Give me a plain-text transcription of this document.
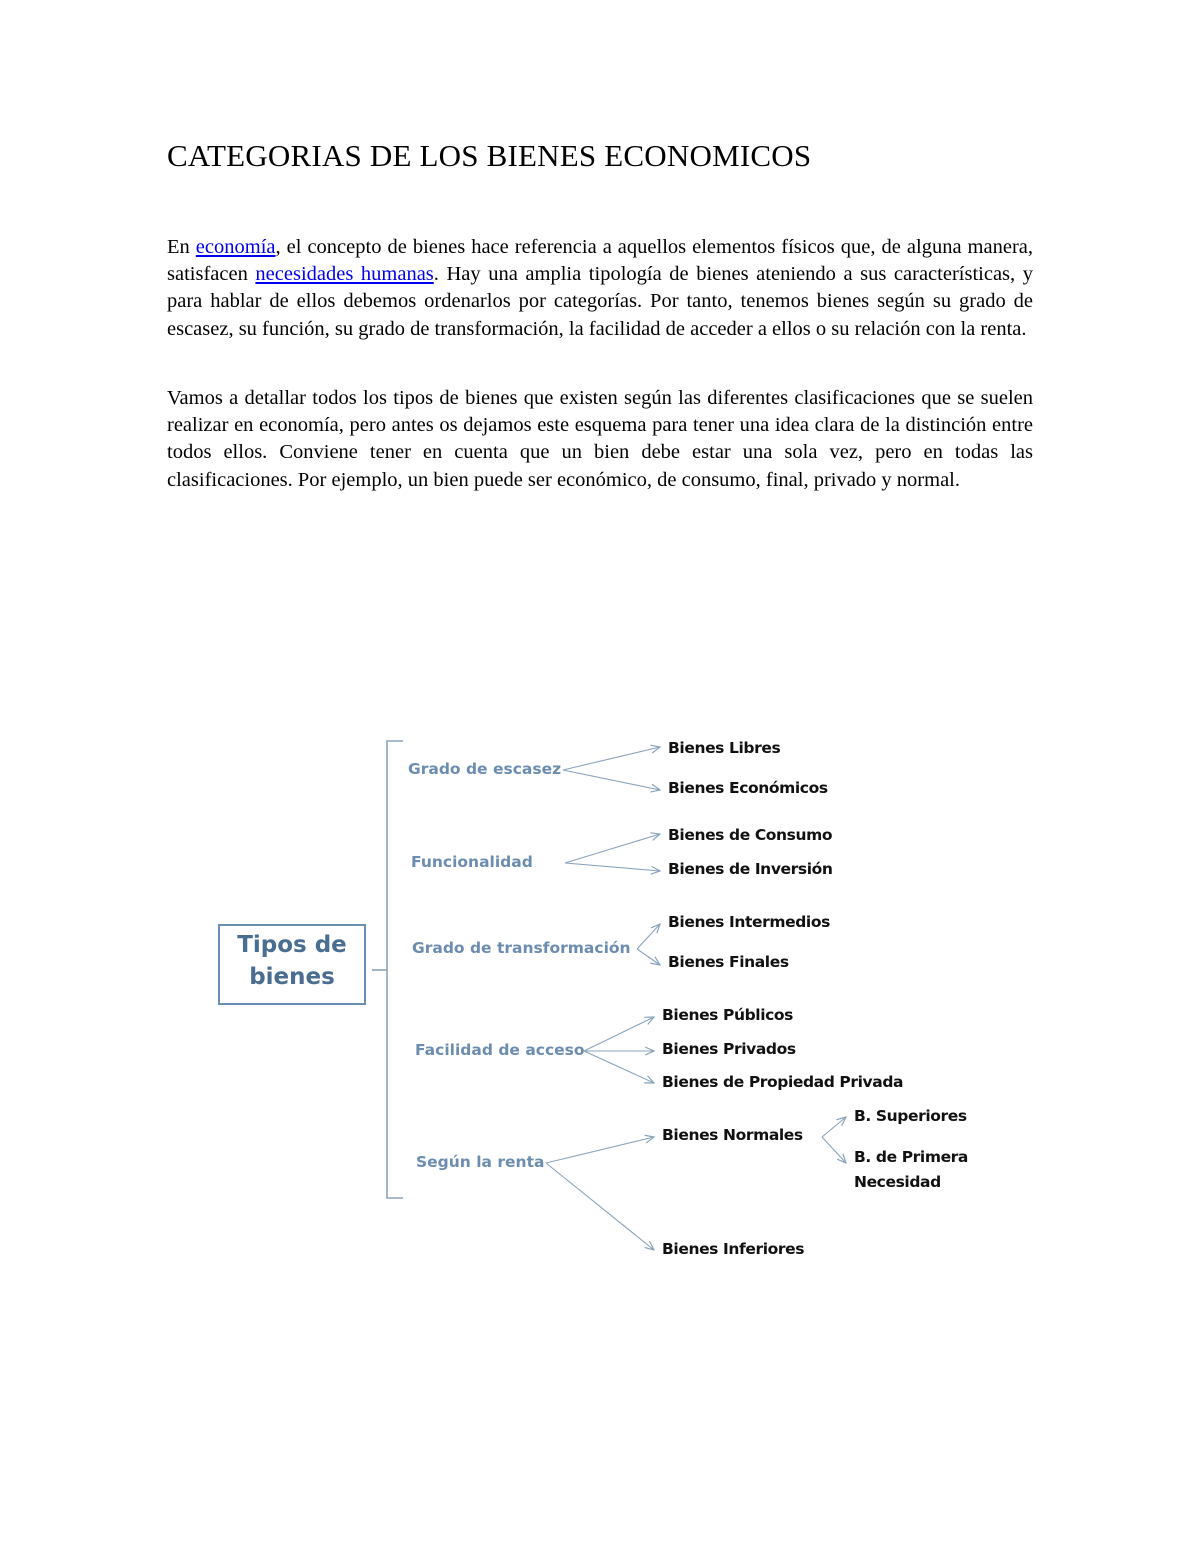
CATEGORIAS DE LOS BIENES ECONOMICOS

En economía, el concepto de bienes hace referencia a aquellos elementos físicos que, de alguna manera, satisfacen necesidades humanas. Hay una amplia tipología de bienes ateniendo a sus características, y para hablar de ellos debemos ordenarlos por categorías. Por tanto, tenemos bienes según su grado de escasez, su función, su grado de transformación, la facilidad de acceder a ellos o su relación con la renta.

Vamos a detallar todos los tipos de bienes que existen según las diferentes clasificaciones que se suelen realizar en economía, pero antes os dejamos este esquema para tener una idea clara de la distinción entre todos ellos. Conviene tener en cuenta que un bien debe estar una sola vez, pero en todas las clasificaciones. Por ejemplo, un bien puede ser económico, de consumo, final, privado y normal.

Tipos de
bienes
Grado de escasez
Funcionalidad
Grado de transformación
Facilidad de acceso
Según la renta
Bienes Libres
Bienes Económicos
Bienes de Consumo
Bienes de Inversión
Bienes Intermedios
Bienes Finales
Bienes Públicos
Bienes Privados
Bienes de Propiedad Privada
Bienes Normales
B. Superiores
B. de Primera
Necesidad
Bienes Inferiores
